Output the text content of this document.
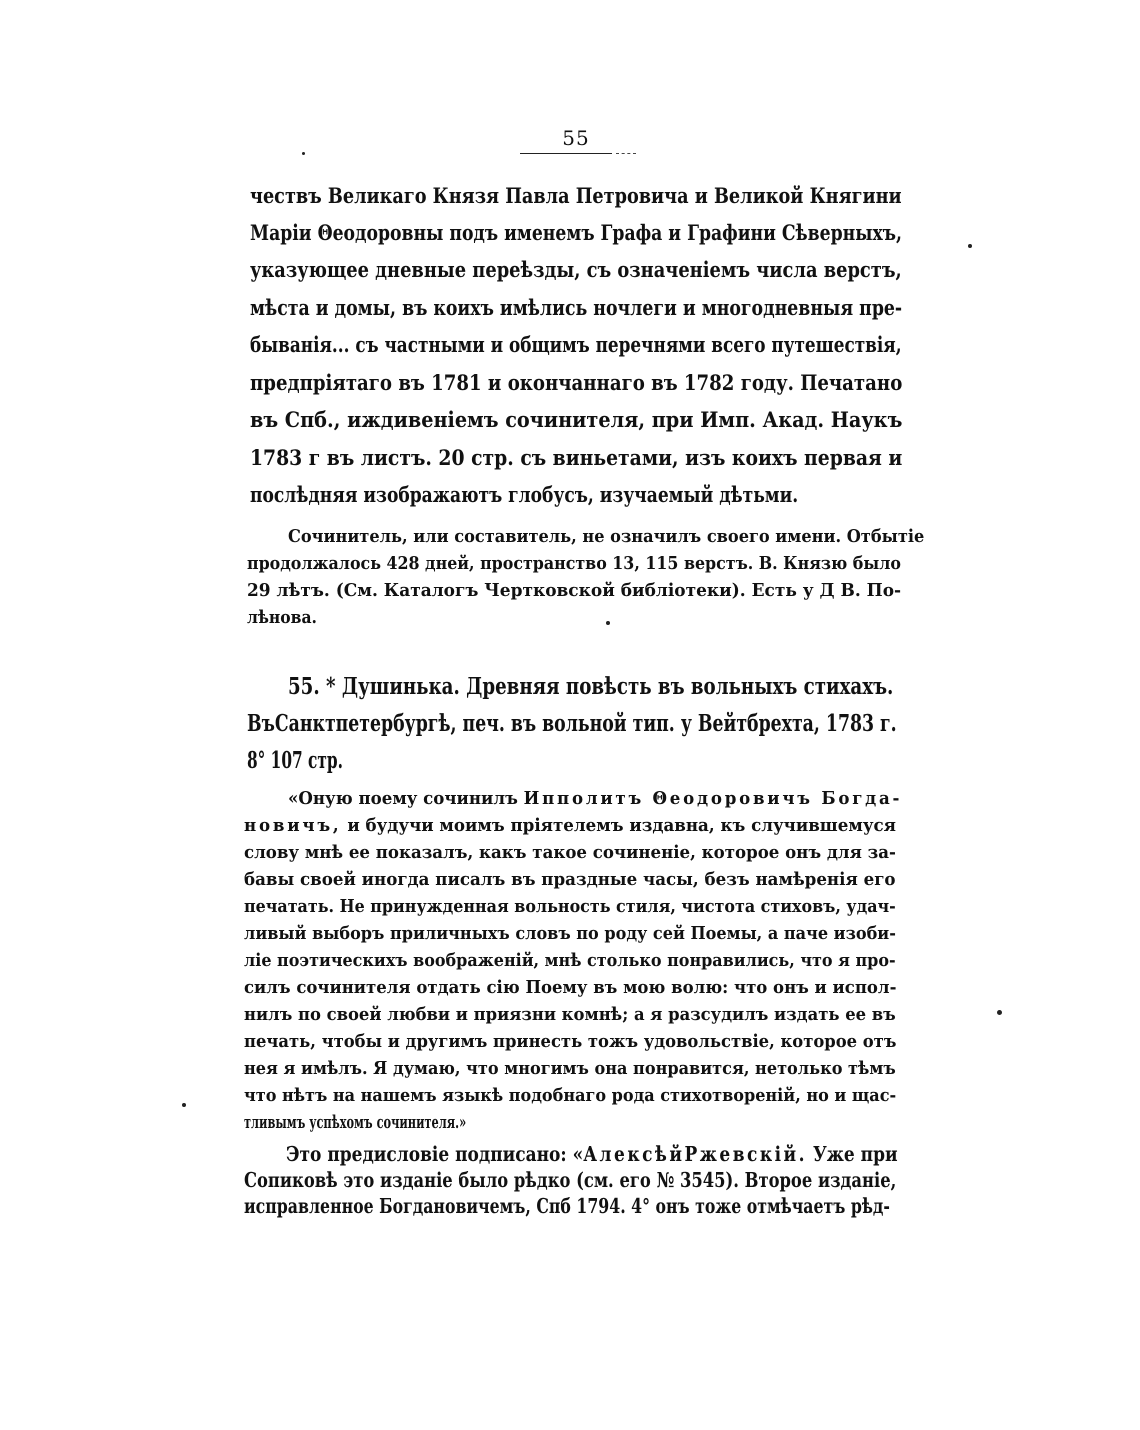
55
чествъ Великаго Князя Павла Петровича и Великой Княгини
Маріи Θеодоровны подъ именемъ Графа и Графини Сѣверныхъ,
указующее дневные переѣзды, съ означеніемъ числа верстъ,
мѣста и домы, въ коихъ имѣлись ночлеги и многодневныя пре-
быванія... съ частными и общимъ перечнями всего путешествія,
предпріятаго въ 1781 и окончаннаго въ 1782 году. Печатано
въ Спб., иждивеніемъ сочинителя, при Имп. Акад. Наукъ
1783 г въ листъ. 20 стр. съ виньетами, изъ коихъ первая и
послѣдняя изображаютъ глобусъ, изучаемый дѣтьми.
Сочинитель, или составитель, не означилъ своего имени. Отбытіе
продолжалось 428 дней, пространство 13, 115 верстъ. В. Князю было
29 лѣтъ. (См. Каталогъ Чертковской библіотеки). Есть у Д В. По-
лѣнова.
55. * Душинька. Древняя повѣсть въ вольныхъ стихахъ.
ВъСанктпетербургѣ, печ. въ вольной тип. у Вейтбрехта, 1783 г.
8° 107 стр.
«Оную поему сочинилъ Ипполитъ Θеодоровичъ Богда-
новичъ, и будучи моимъ пріятелемъ издавна, къ случившемуся
слову мнѣ ее показалъ, какъ такое сочиненіе, которое онъ для за-
бавы своей иногда писалъ въ праздные часы, безъ намѣренія его
печатать. Не принужденная вольность стиля, чистота стиховъ, удач-
ливый выборъ приличныхъ словъ по роду сей Поемы, а паче изоби-
ліе поэтическихъ воображеній, мнѣ столько понравились, что я про-
силъ сочинителя отдать сію Поему въ мою волю: что онъ и испол-
нилъ по своей любви и приязни комнѣ; а я разсудилъ издать ее въ
печать, чтобы и другимъ принесть тожъ удовольствіе, которое отъ
нея я имѣлъ. Я думаю, что многимъ она понравится, нетолько тѣмъ
что нѣтъ на нашемъ языкѣ подобнаго рода стихотвореній, но и щас-
тливымъ успѣхомъ сочинителя.»
Это предисловіе подписано: «АлексѣйРжевскій. Уже при
Сопиковѣ это изданіе было рѣдко (см. его № 3545). Второе изданіе,
исправленное Богдановичемъ, Спб 1794. 4° онъ тоже отмѣчаетъ рѣд-
